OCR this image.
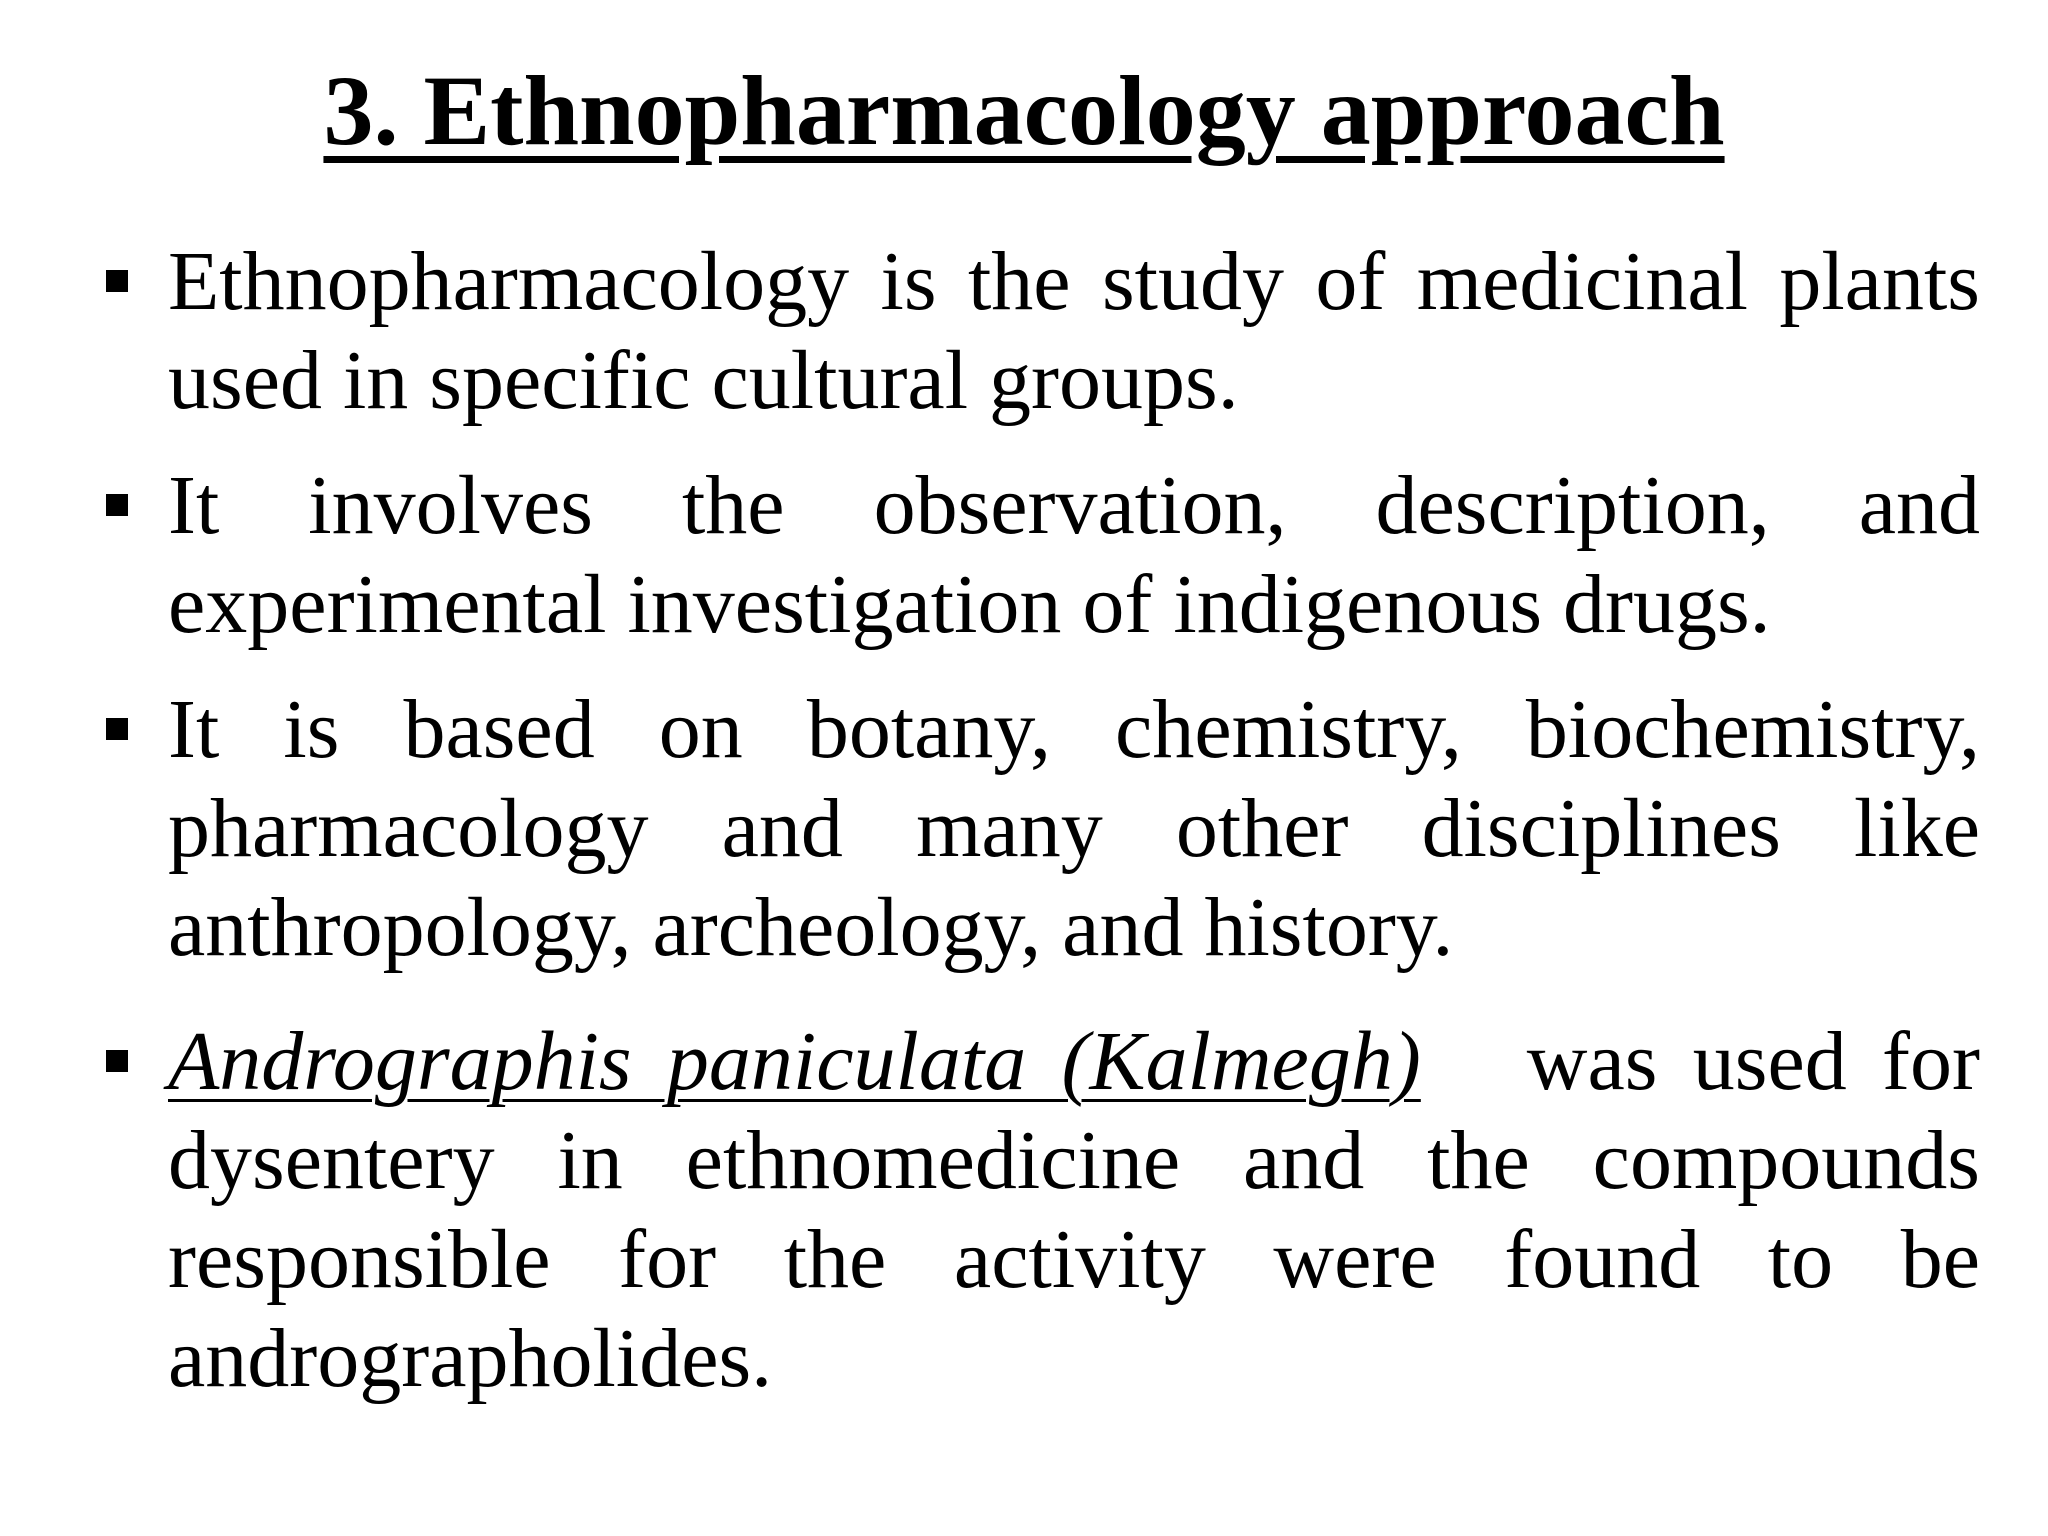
3. Ethnopharmacology approach
Ethnopharmacology is the study of medicinal plants used in specific cultural groups.
It involves the observation, description, and experimental investigation of indigenous drugs.
It is based on botany, chemistry, biochemistry, pharmacology and many other disciplines like anthropology, archeology, and history.
Andrographis paniculata (Kalmegh) was used for dysentery in ethnomedicine and the compounds responsible for the activity were found to be andrographolides.
